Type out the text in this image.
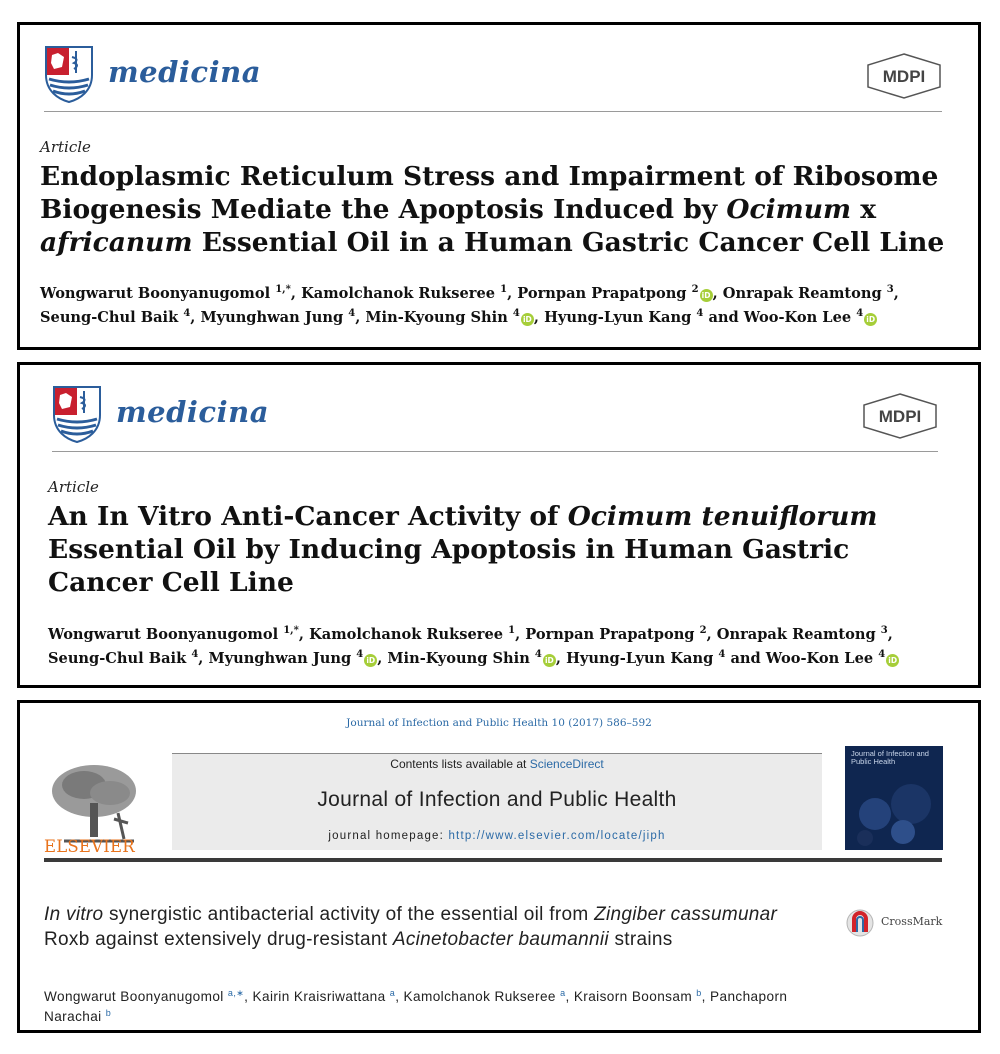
medicina	MDPI
Article
Endoplasmic Reticulum Stress and Impairment of Ribosome Biogenesis Mediate the Apoptosis Induced by Ocimum x africanum Essential Oil in a Human Gastric Cancer Cell Line
Wongwarut Boonyanugomol $^{1,*}$, Kamolchanok Rukseree $^1$, Pornpan Prapatpong $^2$iD , Onrapak Reamtong $^3$, Seung-Chul Baik $^4$, Myunghwan Jung $^4$, Min-Kyoung Shin $^4$iD , Hyung-Lyun Kang $^4$ and Woo-Kon Lee $^4$iD
medicina	MDPI
Article
An In Vitro Anti-Cancer Activity of Ocimum tenuiflorum Essential Oil by Inducing Apoptosis in Human Gastric Cancer Cell Line
Wongwarut Boonyanugomol $^{1,*}$, Kamolchanok Rukseree $^1$, Pornpan Prapatpong $^2$, Onrapak Reamtong $^3$, Seung-Chul Baik $^4$, Myunghwan Jung $^4$iD , Min-Kyoung Shin $^4$iD , Hyung-Lyun Kang $^4$ and Woo-Kon Lee $^4$iD
Journal of Infection and Public Health 10 (2017) 586–592
ELSEVIER
Contents lists available at ScienceDirect
Journal of Infection and Public Health
journal homepage: http://www.elsevier.com/locate/jiph
Journal of Infection and Public Health
In vitro synergistic antibacterial activity of the essential oil from Zingiber cassumunar Roxb against extensively drug-resistant Acinetobacter baumannii strains
CrossMark
Wongwarut Boonyanugomol $^{a,∗}$, Kairin Kraisriwattana $^a$, Kamolchanok Rukseree $^a$, Kraisorn Boonsam $^b$, Panchaporn Narachai $^b$
